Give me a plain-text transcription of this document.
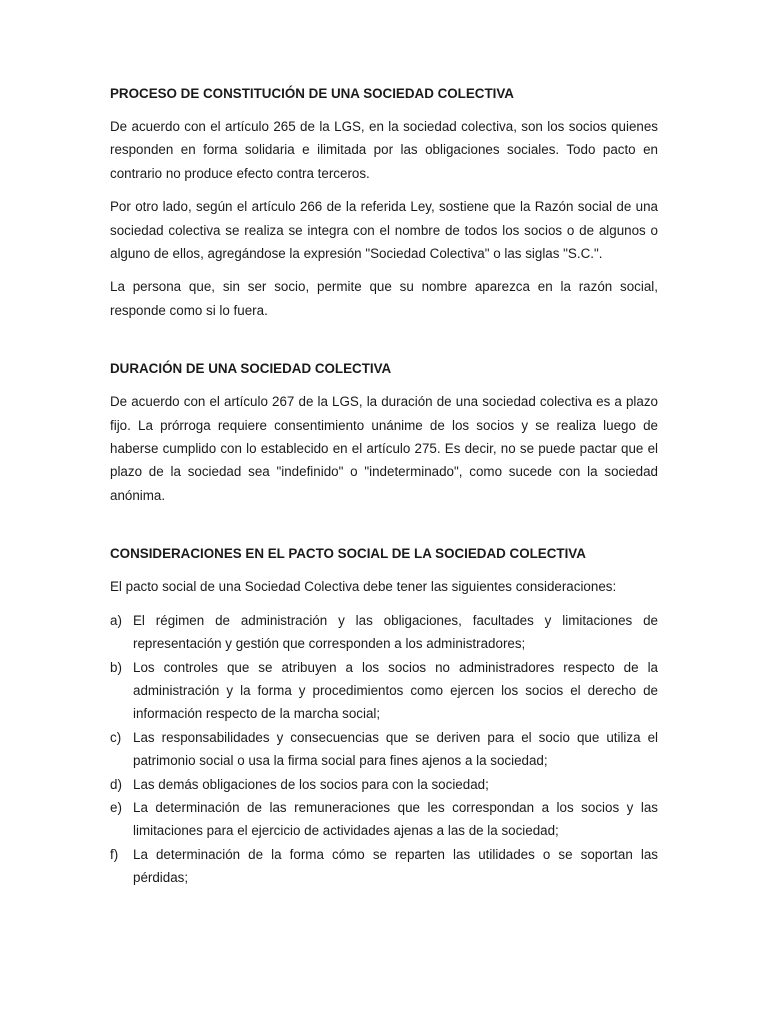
PROCESO DE CONSTITUCIÓN DE UNA SOCIEDAD COLECTIVA

De acuerdo con el artículo 265 de la LGS, en la sociedad colectiva, son los socios quienes responden en forma solidaria e ilimitada por las obligaciones sociales. Todo pacto en contrario no produce efecto contra terceros.

Por otro lado, según el artículo 266 de la referida Ley, sostiene que la Razón social de una sociedad colectiva se realiza se integra con el nombre de todos los socios o de algunos o alguno de ellos, agregándose la expresión "Sociedad Colectiva" o las siglas "S.C.".

La persona que, sin ser socio, permite que su nombre aparezca en la razón social, responde como si lo fuera.

DURACIÓN DE UNA SOCIEDAD COLECTIVA

De acuerdo con el artículo 267 de la LGS, la duración de una sociedad colectiva es a plazo fijo. La prórroga requiere consentimiento unánime de los socios y se realiza luego de haberse cumplido con lo establecido en el artículo 275. Es decir, no se puede pactar que el plazo de la sociedad sea "indefinido" o "indeterminado", como sucede con la sociedad anónima.

CONSIDERACIONES EN EL PACTO SOCIAL DE LA SOCIEDAD COLECTIVA

El pacto social de una Sociedad Colectiva debe tener las siguientes consideraciones:

a) El régimen de administración y las obligaciones, facultades y limitaciones de representación y gestión que corresponden a los administradores;
b) Los controles que se atribuyen a los socios no administradores respecto de la administración y la forma y procedimientos como ejercen los socios el derecho de información respecto de la marcha social;
c) Las responsabilidades y consecuencias que se deriven para el socio que utiliza el patrimonio social o usa la firma social para fines ajenos a la sociedad;
d) Las demás obligaciones de los socios para con la sociedad;
e) La determinación de las remuneraciones que les correspondan a los socios y las limitaciones para el ejercicio de actividades ajenas a las de la sociedad;
f) La determinación de la forma cómo se reparten las utilidades o se soportan las pérdidas;
